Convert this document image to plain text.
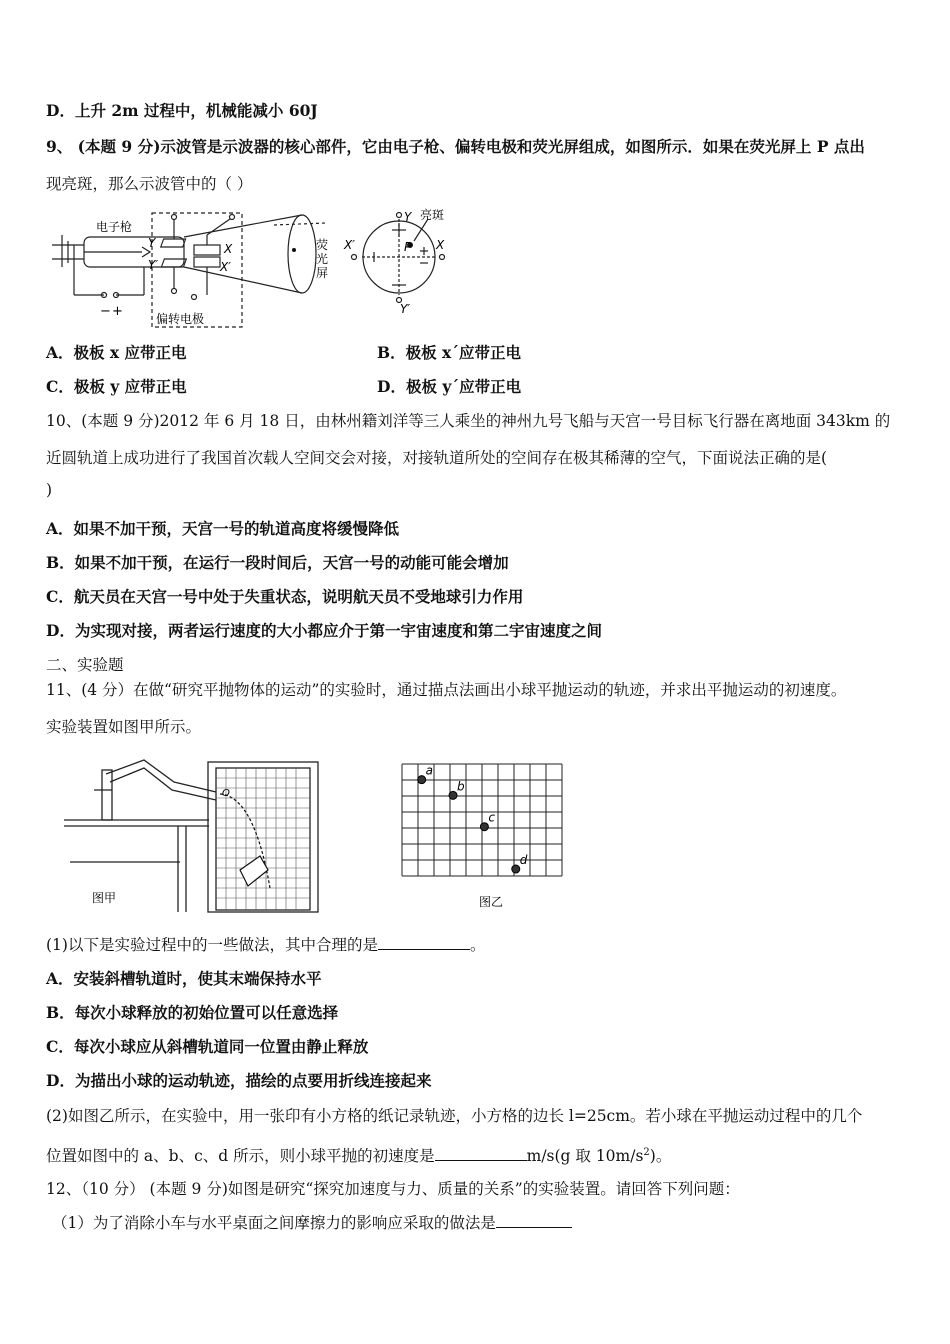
D．上升 2m 过程中，机械能减小 60J
9、 (本题 9 分)示波管是示波器的核心部件，它由电子枪、偏转电极和荧光屏组成，如图所示．如果在荧光屏上 P 点出
现亮斑，那么示波管中的（ ）
电子枪
偏转电极
荧
光
屏
亮斑
− +
Y
Y′
X
X′
Y
Y′
X′	X
P
A．极板 x 应带正电	B．极板 x´应带正电
C．极板 y 应带正电	D．极板 y´应带正电
10、(本题 9 分)2012 年 6 月 18 日，由林州籍刘洋等三人乘坐的神州九号飞船与天宫一号目标飞行器在离地面 343km 的
近圆轨道上成功进行了我国首次载人空间交会对接，对接轨道所处的空间存在极其稀薄的空气，下面说法正确的是(
)
A．如果不加干预，天宫一号的轨道高度将缓慢降低
B．如果不加干预，在运行一段时间后，天宫一号的动能可能会增加
C．航天员在天宫一号中处于失重状态，说明航天员不受地球引力作用
D．为实现对接，两者运行速度的大小都应介于第一宇宙速度和第二宇宙速度之间
二、实验题
11、(4 分）在做“研究平抛物体的运动”的实验时，通过描点法画出小球平抛运动的轨迹，并求出平抛运动的初速度。
实验装置如图甲所示。
O
图甲
a
b
c
d
图乙
(1)以下是实验过程中的一些做法，其中合理的是	。
A．安装斜槽轨道时，使其末端保持水平
B．每次小球释放的初始位置可以任意选择
C．每次小球应从斜槽轨道同一位置由静止释放
D．为描出小球的运动轨迹，描绘的点要用折线连接起来
(2)如图乙所示，在实验中，用一张印有小方格的纸记录轨迹，小方格的边长 l=25cm。若小球在平抛运动过程中的几个
位置如图中的 a、b、c、d 所示，则小球平抛的初速度是	m/s(g 取 $10m/s^2$)。
12、（10 分） (本题 9 分)如图是研究“探究加速度与力、质量的关系”的实验装置。请回答下列问题：
（1）为了消除小车与水平桌面之间摩擦力的影响应采取的做法是
